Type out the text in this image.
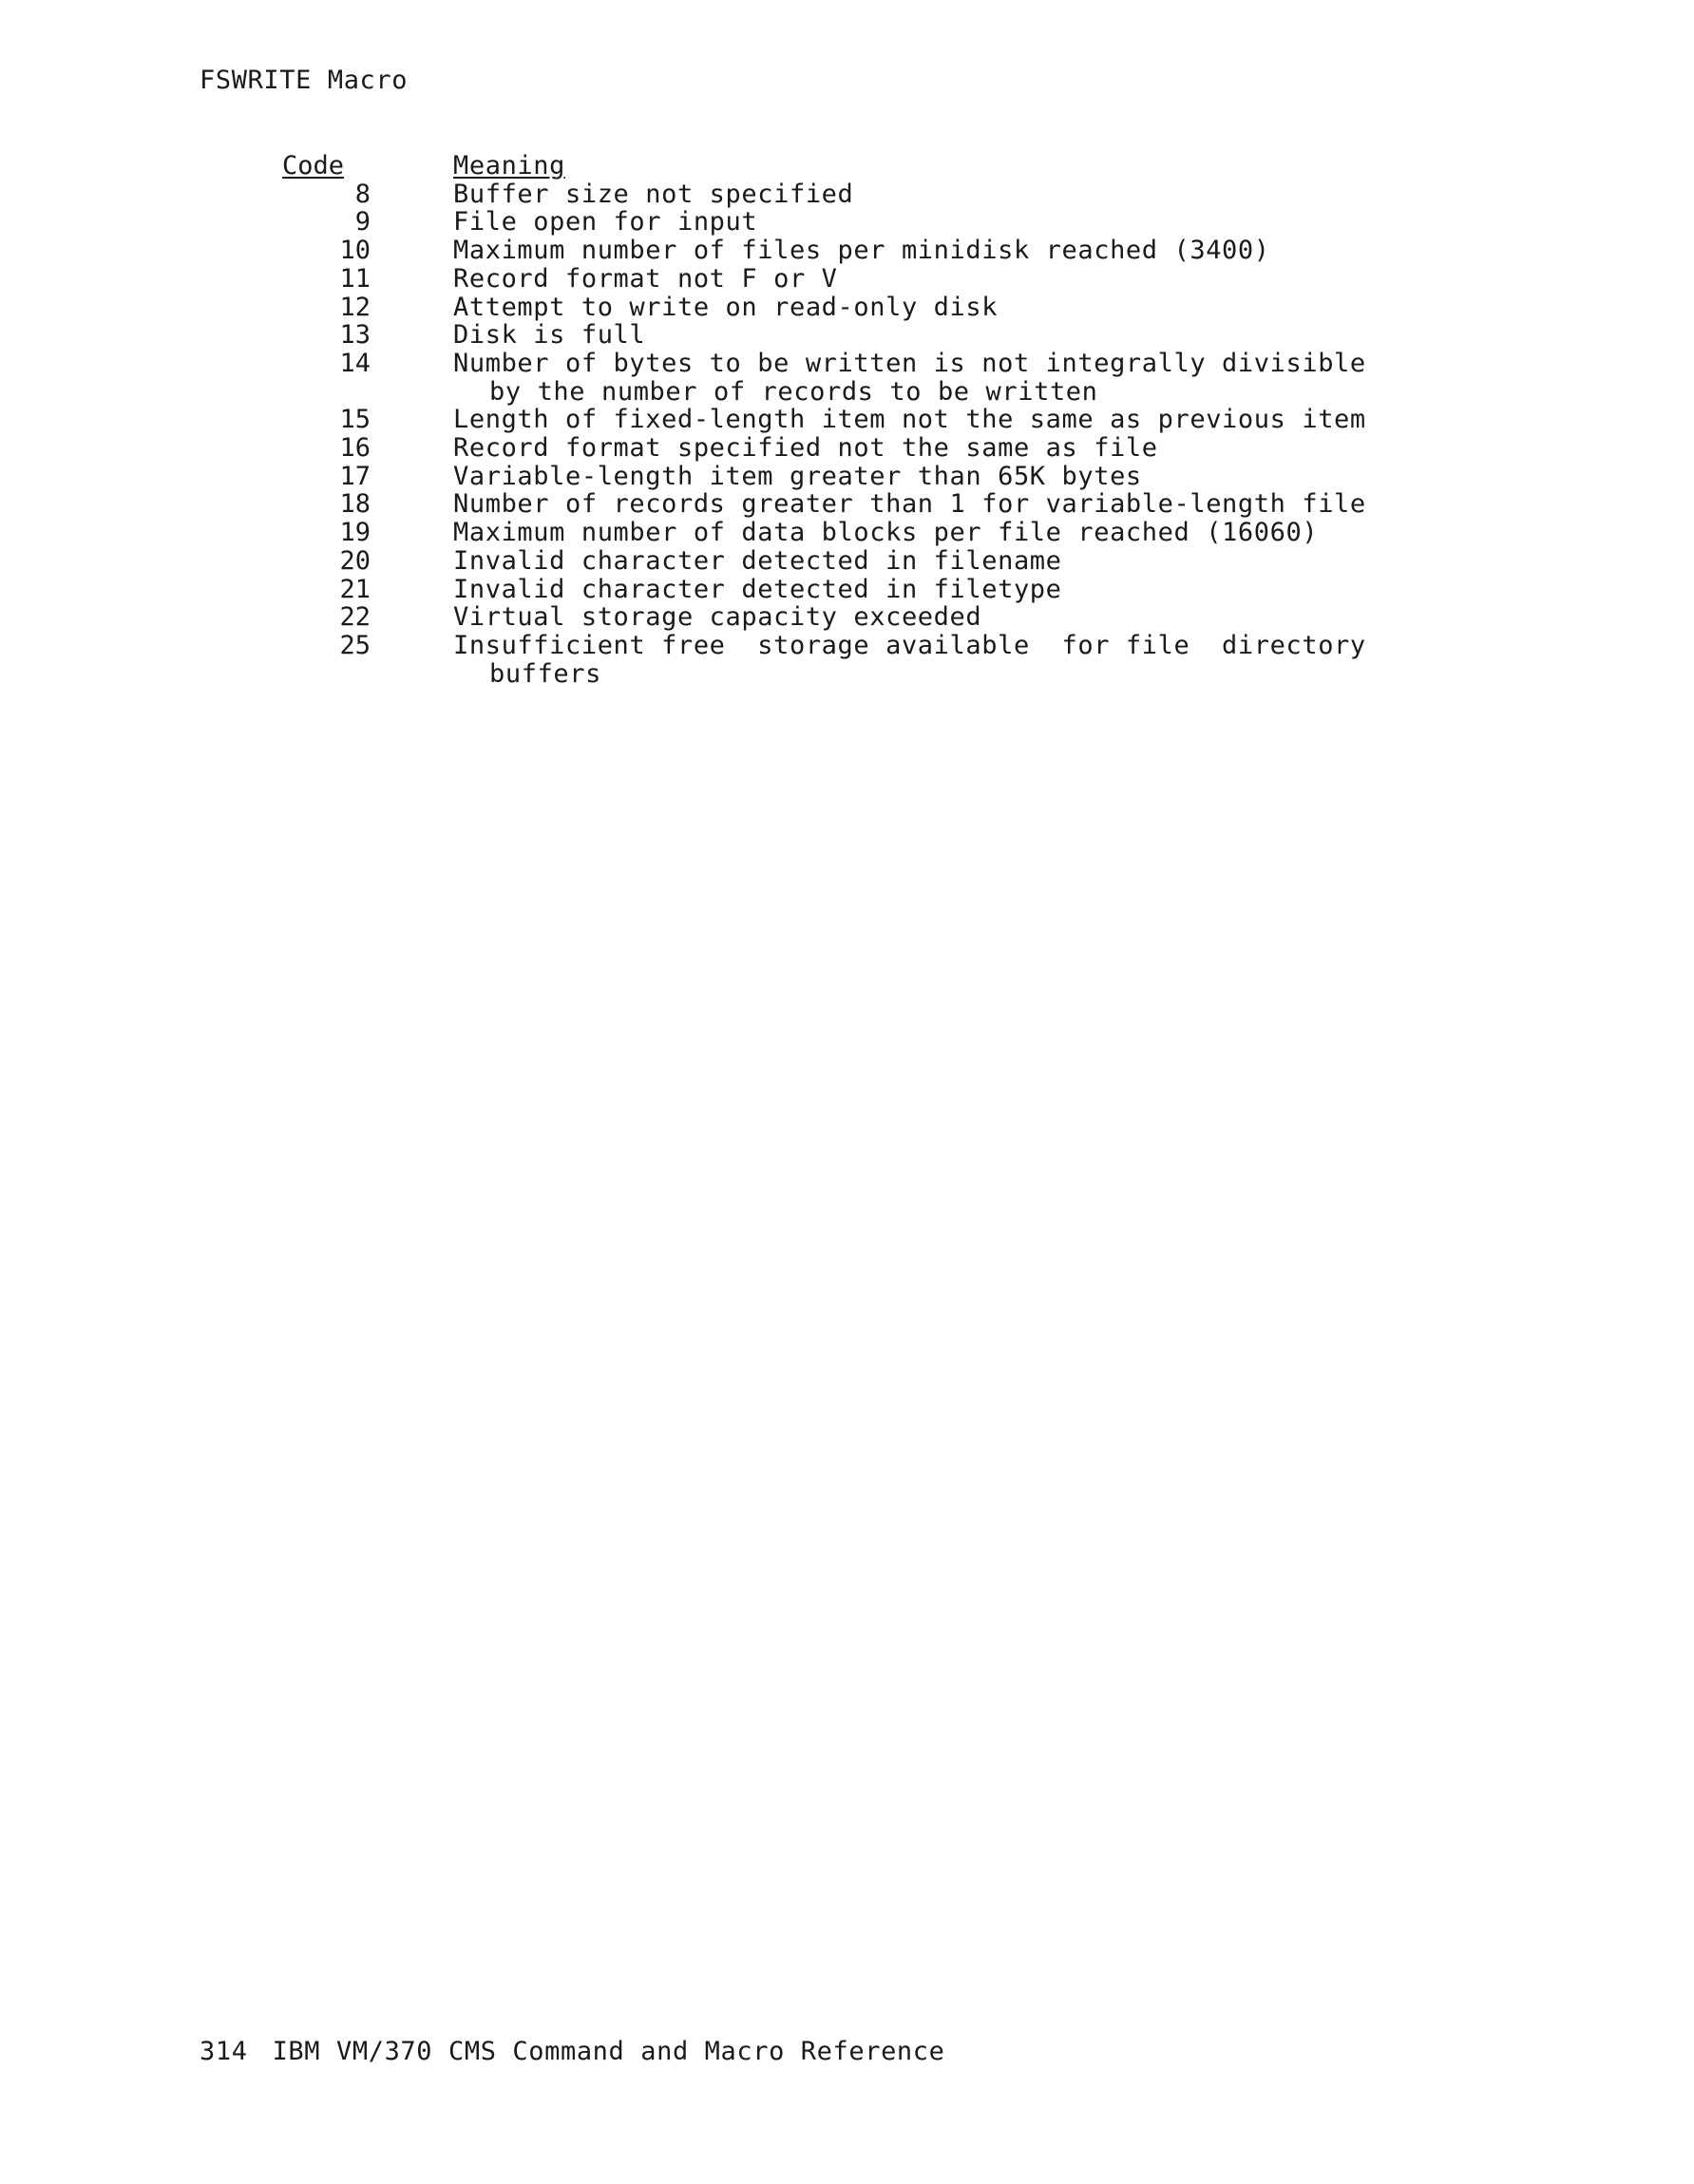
FSWRITE Macro
Code	Meaning
8	Buffer size not specified
9	File open for input
10	Maximum number of files per minidisk reached (3400)
11	Record format not F or V
12	Attempt to write on read-only disk
13	Disk is full
14	Number of bytes to be written is not integrally divisible
by the number of records to be written
15	Length of fixed-length item not the same as previous item
16	Record format specified not the same as file
17	Variable-length item greater than 65K bytes
18	Number of records greater than 1 for variable-length file
19	Maximum number of data blocks per file reached (16060)
20	Invalid character detected in filename
21	Invalid character detected in filetype
22	Virtual storage capacity exceeded
25	Insufficient free  storage available  for file  directory
buffers
314 IBM VM/370 CMS Command and Macro Reference
